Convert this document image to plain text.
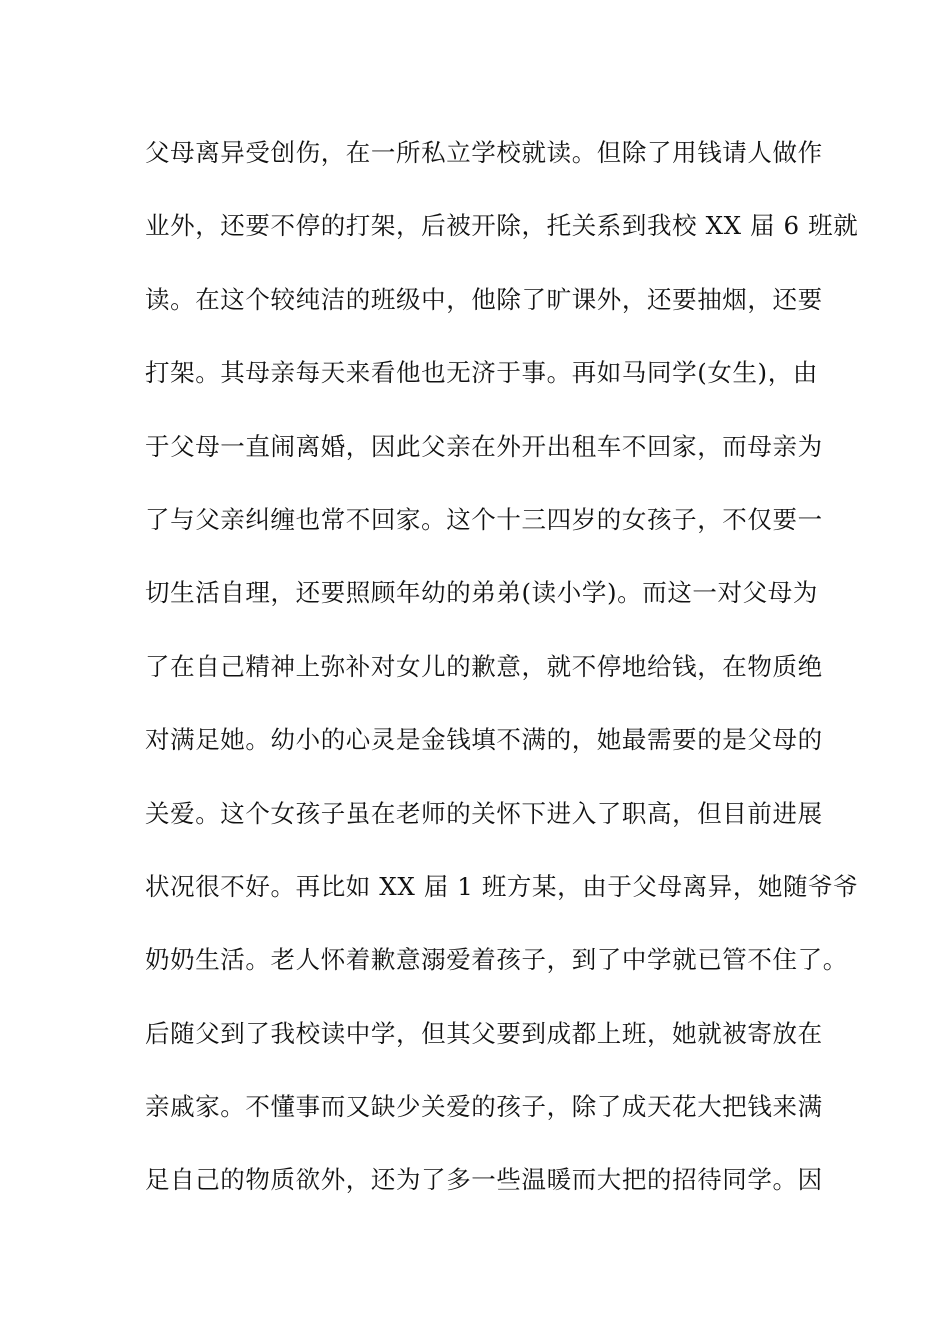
父母离异受创伤，在一所私立学校就读。但除了用钱请人做作
业外，还要不停的打架，后被开除，托关系到我校 XX 届 6 班就
读。在这个较纯洁的班级中，他除了旷课外，还要抽烟，还要
打架。其母亲每天来看他也无济于事。再如马同学(女生)，由
于父母一直闹离婚，因此父亲在外开出租车不回家，而母亲为
了与父亲纠缠也常不回家。这个十三四岁的女孩子，不仅要一
切生活自理，还要照顾年幼的弟弟(读小学)。而这一对父母为
了在自己精神上弥补对女儿的歉意，就不停地给钱，在物质绝
对满足她。幼小的心灵是金钱填不满的，她最需要的是父母的
关爱。这个女孩子虽在老师的关怀下进入了职高，但目前进展
状况很不好。再比如 XX 届 1 班方某，由于父母离异，她随爷爷
奶奶生活。老人怀着歉意溺爱着孩子，到了中学就已管不住了。
后随父到了我校读中学，但其父要到成都上班，她就被寄放在
亲戚家。不懂事而又缺少关爱的孩子，除了成天花大把钱来满
足自己的物质欲外，还为了多一些温暖而大把的招待同学。因
